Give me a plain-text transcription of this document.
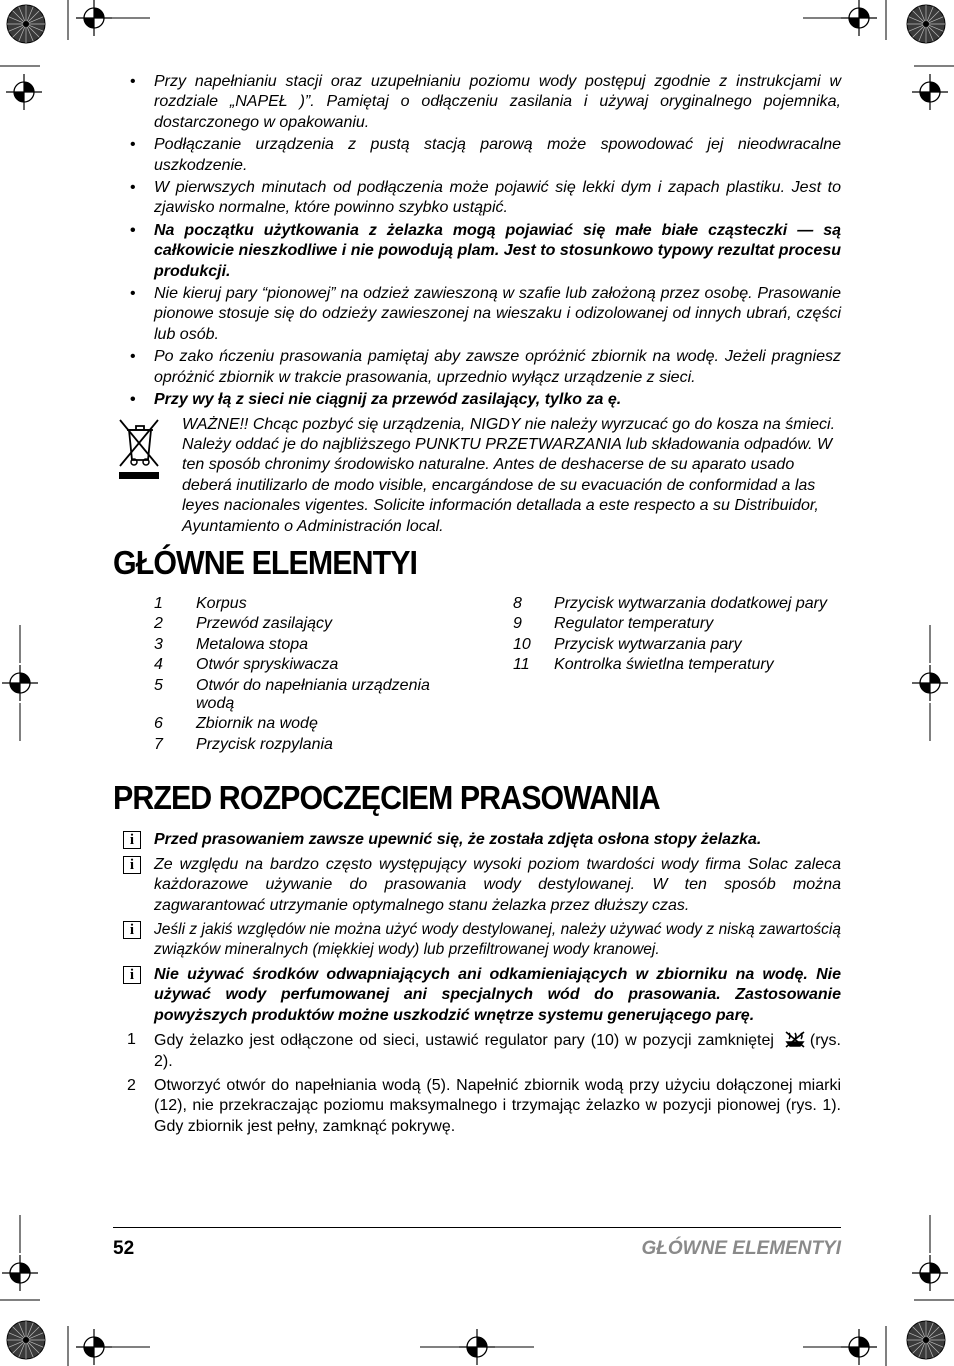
• Przy napełnianiu stacji oraz uzupełnianiu poziomu wody postępuj zgodnie z instrukcjami w rozdziale „NAPEŁ )”. Pamiętaj o odłączeniu zasilania i używaj oryginalnego pojemnika, dostarczonego w opakowaniu.
• Podłączanie urządzenia z pustą stacją parową może spowodować jej nieodwracalne uszkodzenie.
• W pierwszych minutach od podłączenia może pojawić się lekki dym i zapach plastiku. Jest to zjawisko normalne, które powinno szybko ustąpić.
• Na początku użytkowania z żelazka mogą pojawiać się małe białe cząsteczki — są całkowicie nieszkodliwe i nie powodują plam. Jest to stosunkowo typowy rezultat procesu produkcji.
• Nie kieruj pary “pionowej” na odzież zawieszoną w szafie lub założoną przez osobę. Prasowanie pionowe stosuje się do odzieży zawieszonej na wieszaku i odizolowanej od innych ubrań, części lub osób.
• Po zako ńczeniu prasowania pamiętaj aby zawsze opróżnić zbiornik na wodę. Jeżeli pragniesz opróżnić zbiornik w trakcie prasowania, uprzednio wyłącz urządzenie z sieci.
• Przy wy łą z sieci nie ciągnij za przewód zasilający, tylko za ę.
WAŻNE!! Chcąc pozbyć się urządzenia, NIGDY nie należy wyrzucać go do kosza na śmieci. Należy oddać je do najbliższego PUNKTU PRZETWARZANIA lub składowania odpadów. W ten sposób chronimy środowisko naturalne. Antes de deshacerse de su aparato usado deberá inutilizarlo de modo visible, encargándose de su evacuación de conformidad a las leyes nacionales vigentes. Solicite información detallada a este respecto a su Distribuidor, Ayuntamiento o Administración local.
GŁÓWNE ELEMENTYI
1	Korpus
2	Przewód zasilający
3	Metalowa stopa
4	Otwór spryskiwacza
5	Otwór do napełniania urządzenia wodą
6	Zbiornik na wodę
7	Przycisk rozpylania
8	Przycisk wytwarzania dodatkowej pary
9	Regulator temperatury
10	Przycisk wytwarzania pary
11	Kontrolka świetlna temperatury
PRZED ROZPOCZĘCIEM PRASOWANIA
i	Przed prasowaniem zawsze upewnić się, że została zdjęta osłona stopy żelazka.
i	Ze względu na bardzo często występujący wysoki poziom twardości wody firma Solac zaleca każdorazowe używanie do prasowania wody destylowanej. W ten sposób można zagwarantować utrzymanie optymalnego stanu żelazka przez dłuższy czas.
i	Jeśli z jakiś względów nie można użyć wody destylowanej, należy używać wody z niską zawartością związków mineralnych (miękkiej wody) lub przefiltrowanej wody kranowej.
i	Nie używać środków odwapniających ani odkamieniających w zbiorniku na wodę. Nie używać wody perfumowanej ani specjalnych wód do prasowania. Zastosowanie powyższych produktów możne uszkodzić wnętrze systemu generującego parę.
1 Gdy żelazko jest odłączone od sieci, ustawić regulator pary (10) w pozycji zamkniętej (rys. 2).
2 Otworzyć otwór do napełniania wodą (5). Napełnić zbiornik wodą przy użyciu dołączonej miarki (12), nie przekraczając poziomu maksymalnego i trzymając żelazko w pozycji pionowej (rys. 1). Gdy zbiornik jest pełny, zamknąć pokrywę.
52	GŁÓWNE ELEMENTYI
